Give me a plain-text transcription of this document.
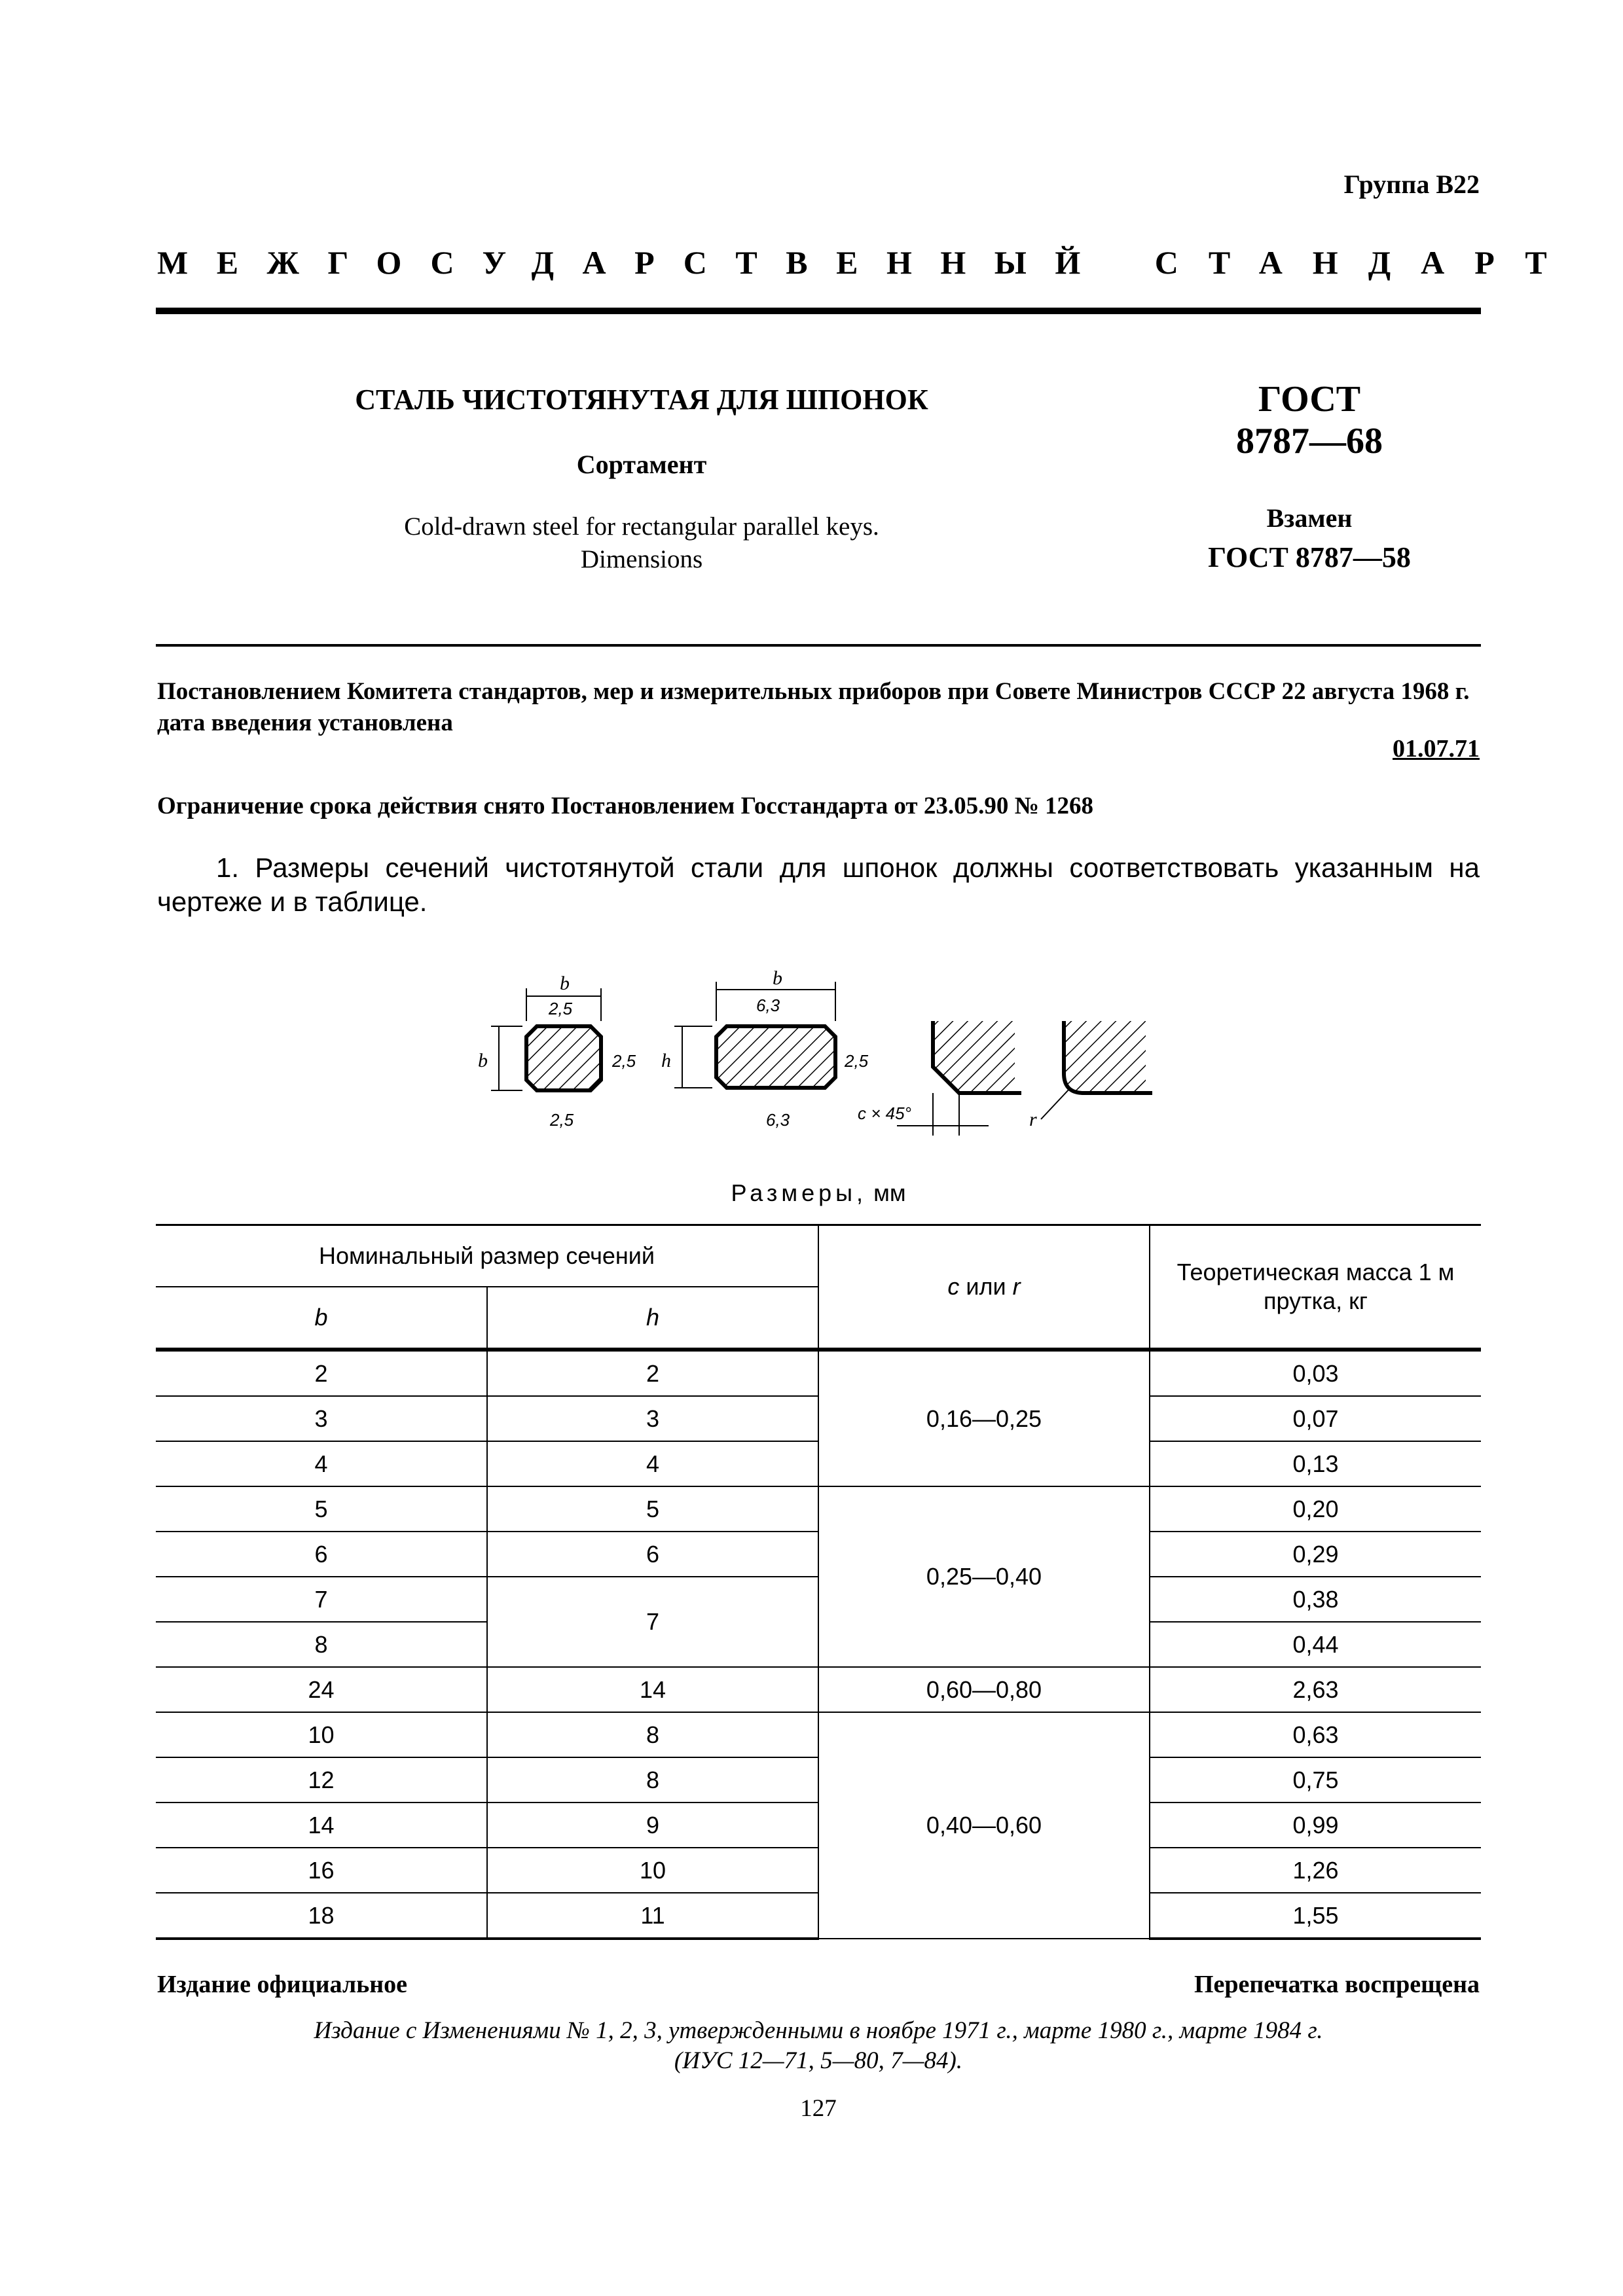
Группа В22
МЕЖГОСУДАРСТВЕННЫЙ СТАНДАРТ
СТАЛЬ ЧИСТОТЯНУТАЯ ДЛЯ ШПОНОК
Сортамент
Cold-drawn steel for rectangular parallel keys.
Dimensions
ГОСТ
8787—68
Взамен
ГОСТ 8787—58
Постановлением Комитета стандартов, мер и измерительных приборов при Совете Министров СССР 22 августа 1968 г. дата введения установлена
01.07.71
Ограничение срока действия снято Постановлением Госстандарта от 23.05.90 № 1268
1. Размеры сечений чистотянутой стали для шпонок должны соответствовать указанным на чертеже и в таблице.
b
2,5
b	2,5
2,5
b
6,3
h	2,5
6,3	c × 45°	r
Размеры, мм
Номинальный размер сечений		c или r	Теоретическая масса 1 м прутка, кг
b	h		
2	2	0,16—0,25	0,03
3	3		0,07
4	4		0,13
5	5	0,25—0,40	0,20
6	6		0,29
7	7		0,38
8			0,44
24	14	0,60—0,80	2,63
10	8	0,40—0,60	0,63
12	8		0,75
14	9		0,99
16	10		1,26
18	11		1,55
Издание официальное	Перепечатка воспрещена
Издание с Изменениями № 1, 2, 3, утвержденными в ноябре 1971 г., марте 1980 г., марте 1984 г.
(ИУС 12—71, 5—80, 7—84).
127
